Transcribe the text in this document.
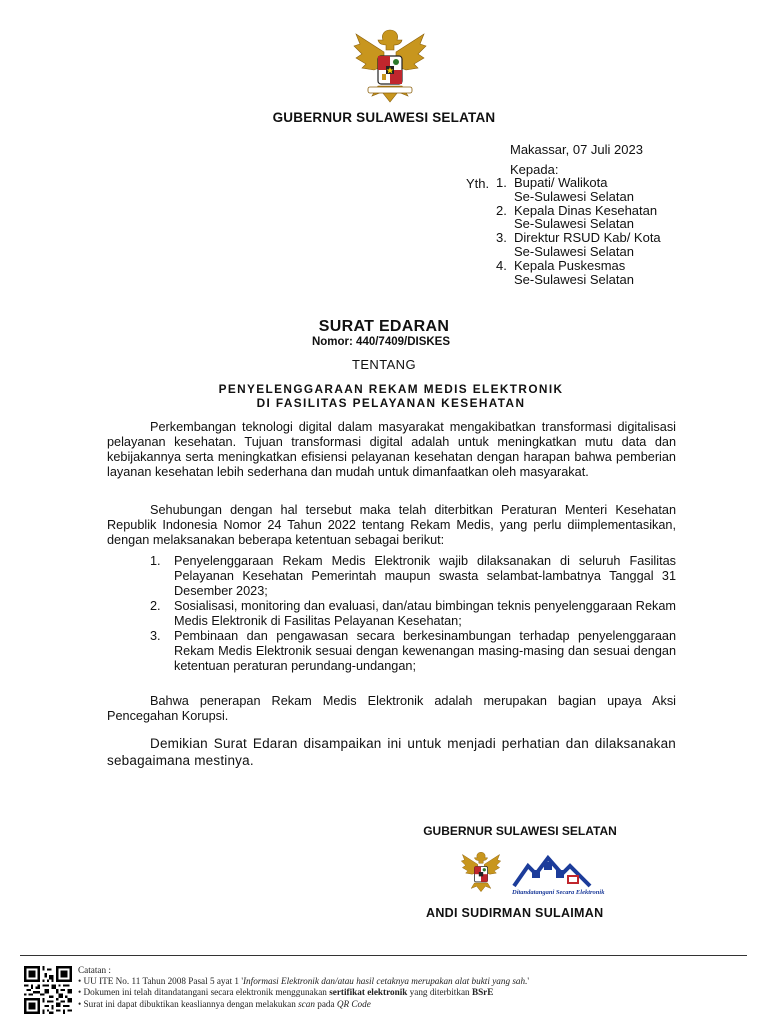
GUBERNUR SULAWESI SELATAN
Makassar, 07 Juli 2023
Kepada:
Yth. 1. Bupati/ Walikota
Se-Sulawesi Selatan
2. Kepala Dinas Kesehatan
Se-Sulawesi Selatan
3. Direktur RSUD Kab/ Kota
Se-Sulawesi Selatan
4. Kepala Puskesmas
Se-Sulawesi Selatan
SURAT EDARAN
Nomor: 440/7409/DISKES
TENTANG
PENYELENGGARAAN REKAM MEDIS ELEKTRONIK
DI FASILITAS PELAYANAN KESEHATAN
Perkembangan teknologi digital dalam masyarakat mengakibatkan transformasi digitalisasi pelayanan kesehatan. Tujuan transformasi digital adalah untuk meningkatkan mutu data dan kebijakannya serta meningkatkan efisiensi pelayanan kesehatan dengan harapan bahwa pemberian layanan kesehatan lebih sederhana dan mudah untuk dimanfaatkan oleh masyarakat.
Sehubungan dengan hal tersebut maka telah diterbitkan Peraturan Menteri Kesehatan Republik Indonesia Nomor 24 Tahun 2022 tentang Rekam Medis, yang perlu diimplementasikan, dengan melaksanakan beberapa ketentuan sebagai berikut:
1.	Penyelenggaraan Rekam Medis Elektronik wajib dilaksanakan di seluruh Fasilitas Pelayanan Kesehatan Pemerintah maupun swasta selambat-lambatnya Tanggal 31 Desember 2023;
2.	Sosialisasi, monitoring dan evaluasi, dan/atau bimbingan teknis penyelenggaraan Rekam Medis Elektronik di Fasilitas Pelayanan Kesehatan;
3.	Pembinaan dan pengawasan secara berkesinambungan terhadap penyelenggaraan Rekam Medis Elektronik sesuai dengan kewenangan masing-masing dan sesuai dengan ketentuan peraturan perundang-undangan;
Bahwa penerapan Rekam Medis Elektronik adalah merupakan bagian upaya Aksi Pencegahan Korupsi.
Demikian Surat Edaran disampaikan ini untuk menjadi perhatian dan dilaksanakan sebagaimana mestinya.
GUBERNUR SULAWESI SELATAN
Ditandatangani Secara Elektronik
ANDI SUDIRMAN SULAIMAN
Catatan :
• UU ITE No. 11 Tahun 2008 Pasal 5 ayat 1 'Informasi Elektronik dan/atau hasil cetaknya merupakan alat bukti yang sah.'
• Dokumen ini telah ditandatangani secara elektronik menggunakan sertifikat elektronik yang diterbitkan BSrE
• Surat ini dapat dibuktikan keasliannya dengan melakukan scan pada QR Code
